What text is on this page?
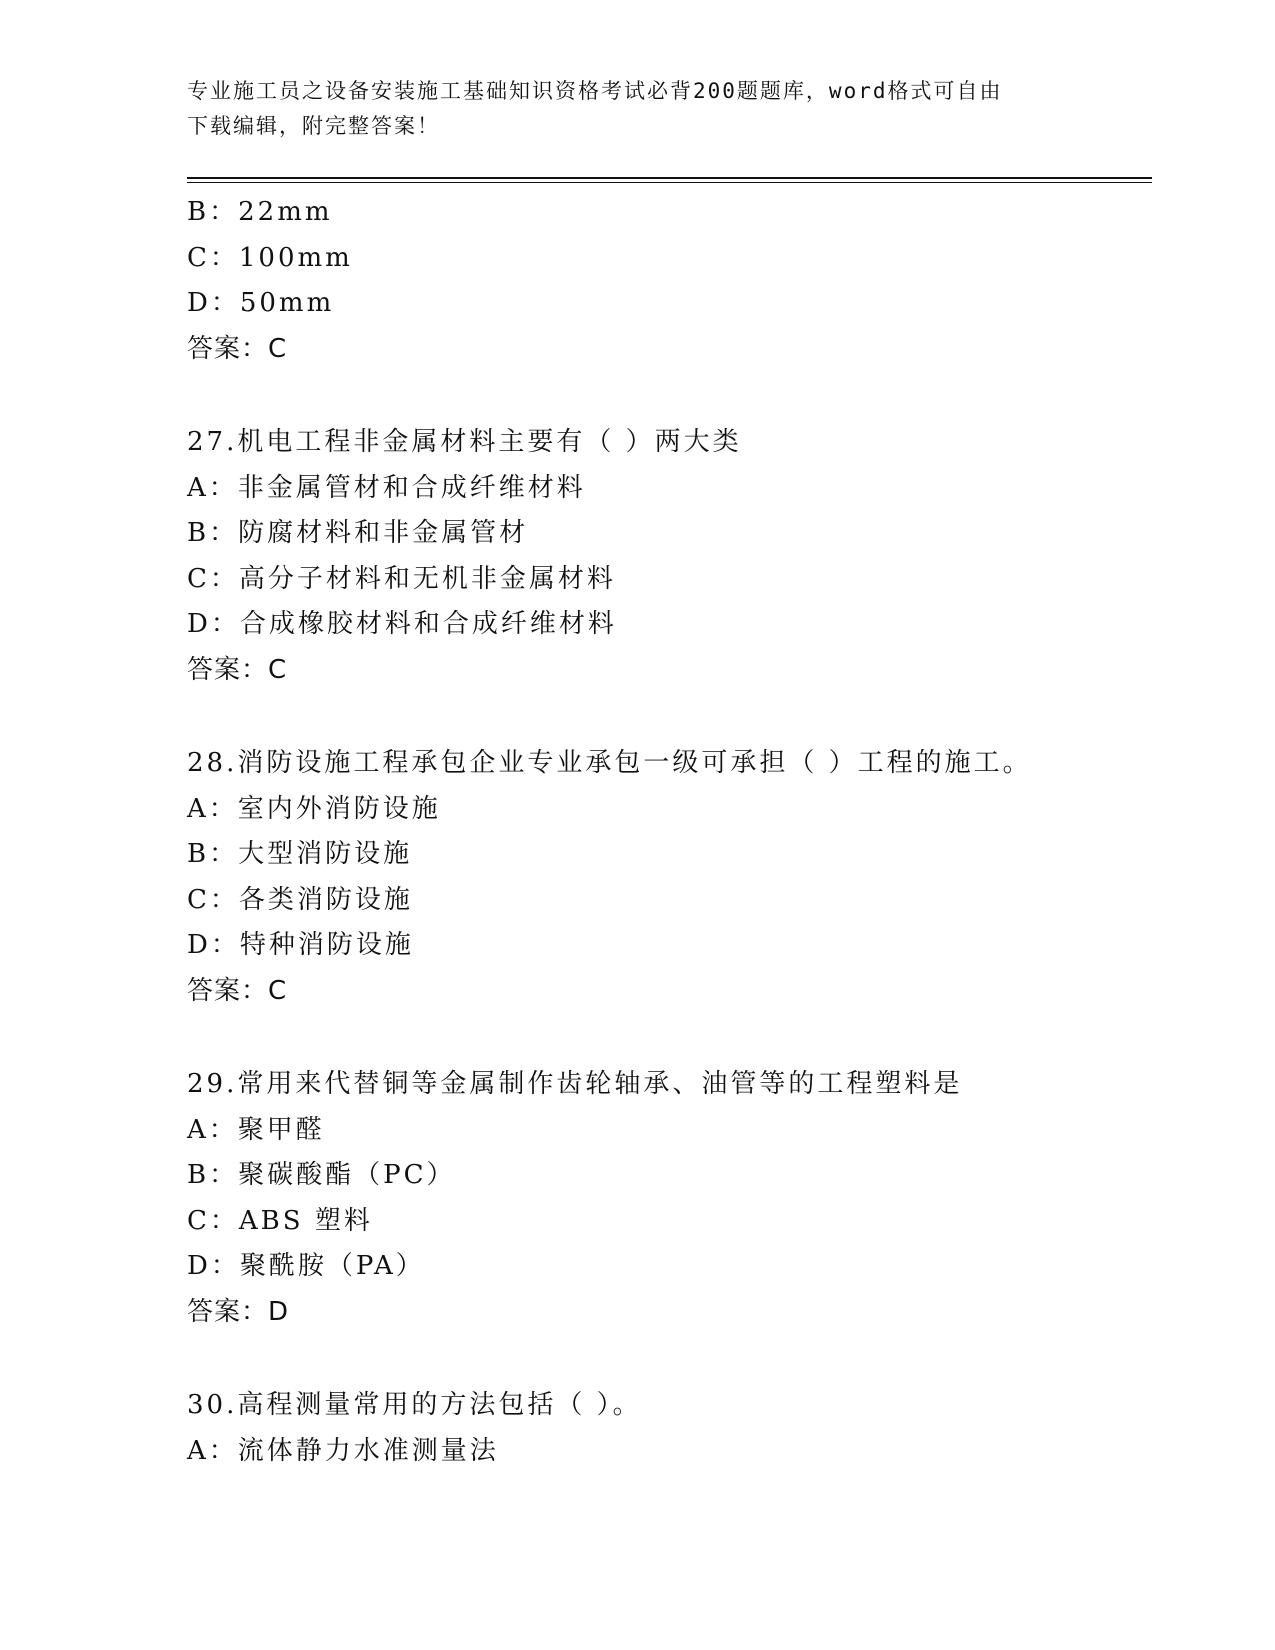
专业施工员之设备安装施工基础知识资格考试必背200题题库，word格式可自由
下载编辑，附完整答案！
B：22mm
C：100mm
D：50mm
答案：C
27.机电工程非金属材料主要有（ ）两大类
A：非金属管材和合成纤维材料
B：防腐材料和非金属管材
C：高分子材料和无机非金属材料
D：合成橡胶材料和合成纤维材料
答案：C
28.消防设施工程承包企业专业承包一级可承担（ ）工程的施工。
A：室内外消防设施
B：大型消防设施
C：各类消防设施
D：特种消防设施
答案：C
29.常用来代替铜等金属制作齿轮轴承、油管等的工程塑料是
A：聚甲醛
B：聚碳酸酯（PC）
C：ABS 塑料
D：聚酰胺（PA）
答案：D
30.高程测量常用的方法包括（ ）。
A：流体静力水准测量法
